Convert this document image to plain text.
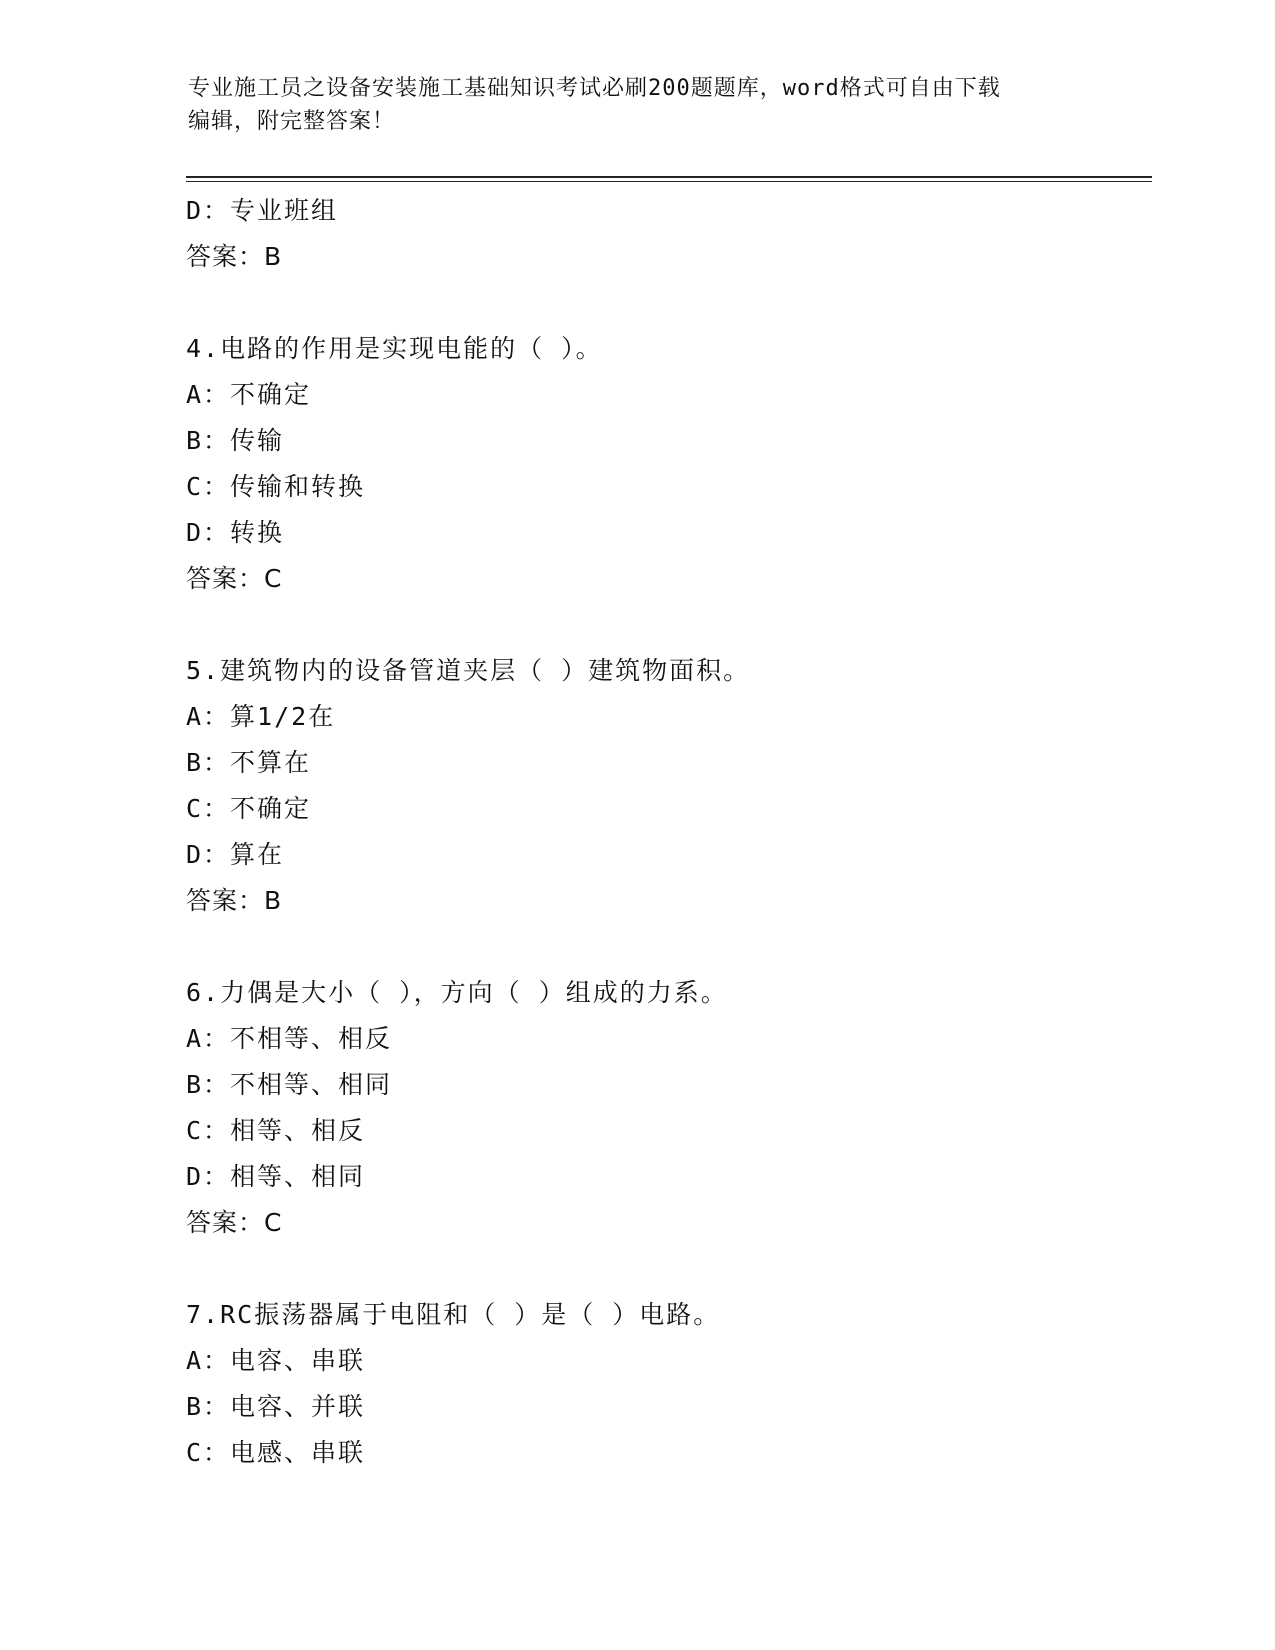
专业施工员之设备安装施工基础知识考试必刷200题题库，word格式可自由下载
编辑，附完整答案！
D：专业班组
答案：B
4.电路的作用是实现电能的（ ）。
A：不确定
B：传输
C：传输和转换
D：转换
答案：C
5.建筑物内的设备管道夹层（ ）建筑物面积。
A：算1/2在
B：不算在
C：不确定
D：算在
答案：B
6.力偶是大小（ ），方向（ ）组成的力系。
A：不相等、相反
B：不相等、相同
C：相等、相反
D：相等、相同
答案：C
7.RC振荡器属于电阻和（ ）是（ ）电路。
A：电容、串联
B：电容、并联
C：电感、串联
